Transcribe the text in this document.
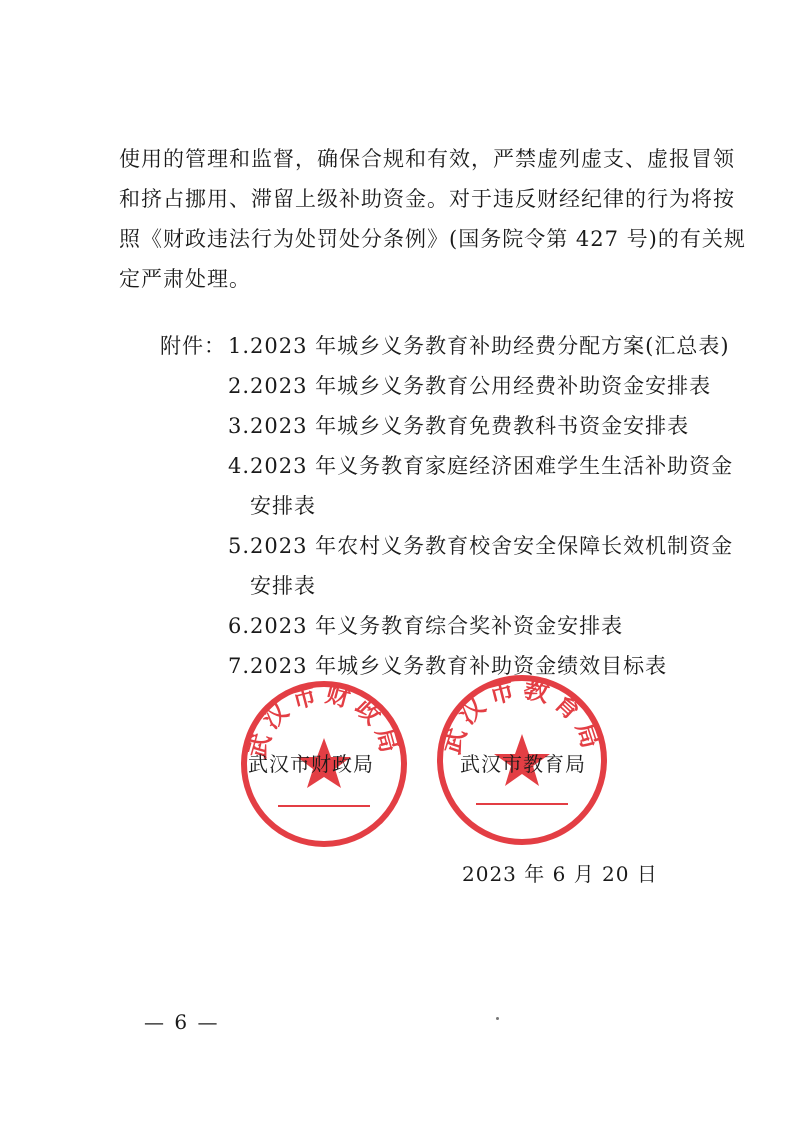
使用的管理和监督，确保合规和有效，严禁虚列虚支、虚报冒领
和挤占挪用、滞留上级补助资金。对于违反财经纪律的行为将按
照《财政违法行为处罚处分条例》(国务院令第 427 号)的有关规
定严肃处理。
附件： 1.2023 年城乡义务教育补助经费分配方案(汇总表)
2.2023 年城乡义务教育公用经费补助资金安排表
3.2023 年城乡义务教育免费教科书资金安排表
4.2023 年义务教育家庭经济困难学生生活补助资金
安排表
5.2023 年农村义务教育校舍安全保障长效机制资金
安排表
6.2023 年义务教育综合奖补资金安排表
7.2023 年城乡义务教育补助资金绩效目标表
武汉市财政局 武汉市教育局
武汉市财政局	武汉市教育局
2023 年 6 月 20 日
— 6 —
